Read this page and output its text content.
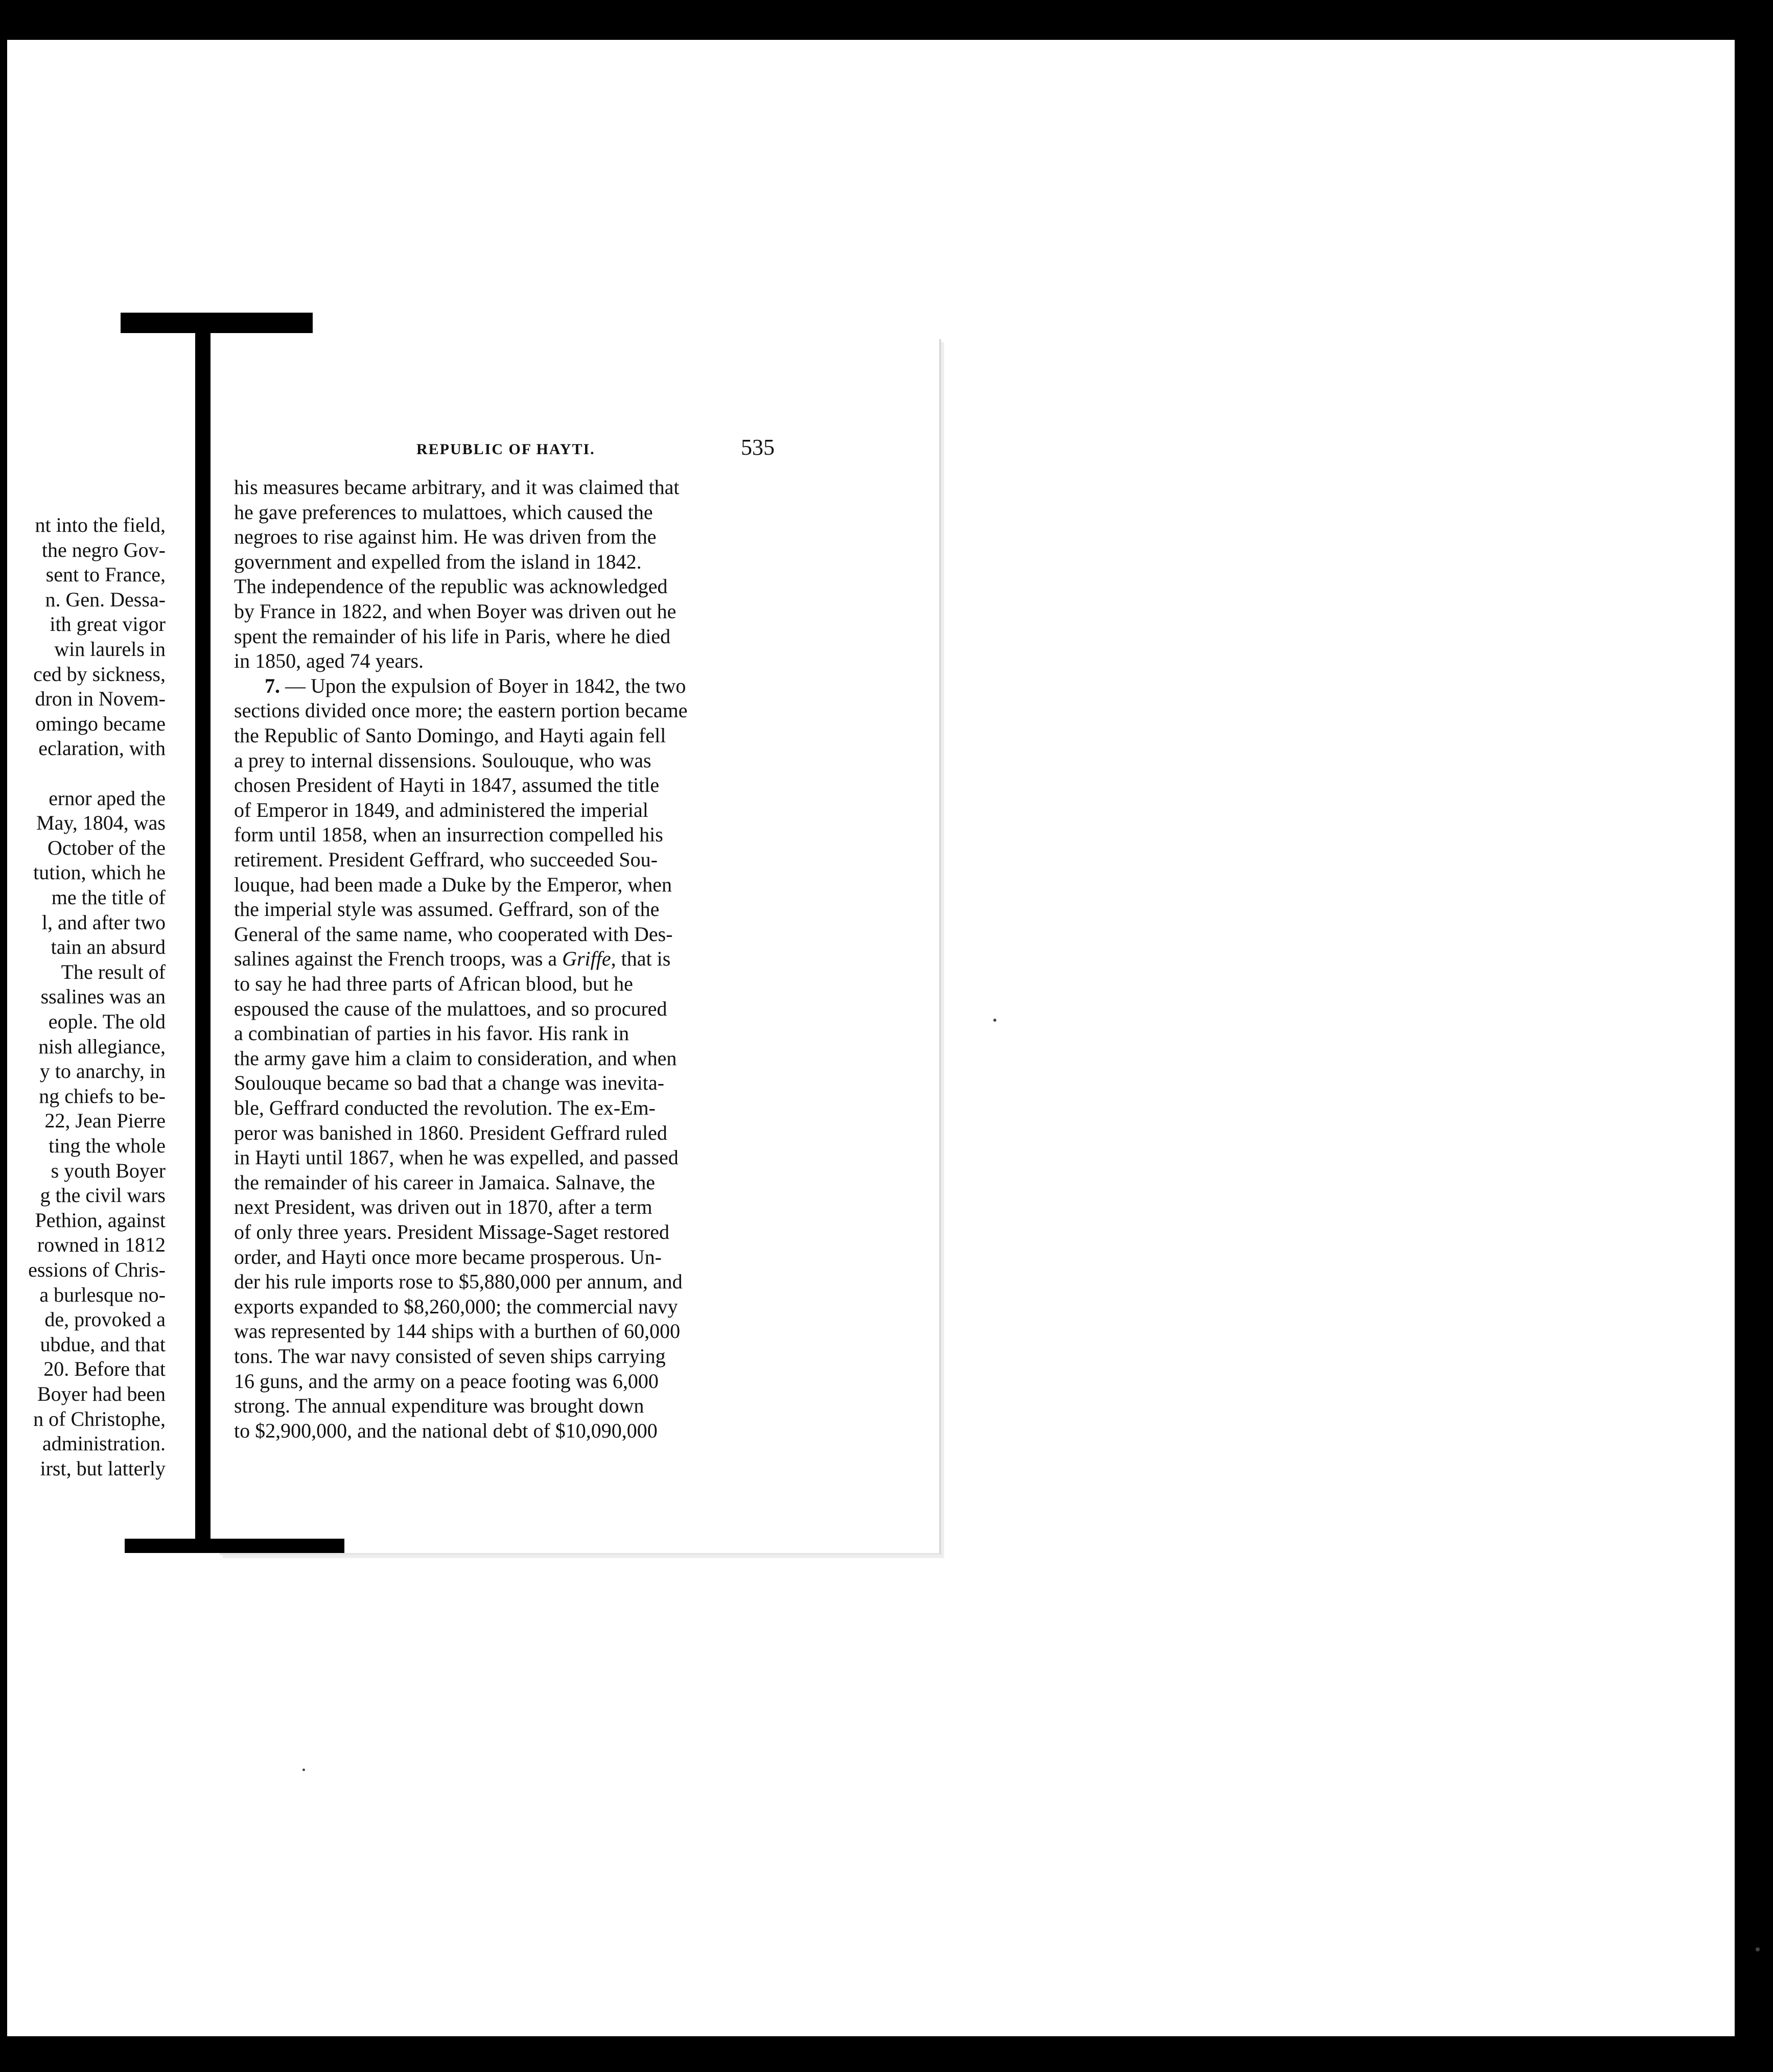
nt into the field,
the negro Gov-
sent to France,
n. Gen. Dessa-
ith great vigor
win laurels in
ced by sickness,
dron in Novem-
omingo became
eclaration, with
ernor aped the
May, 1804, was
October of the
tution, which he
me the title of
l, and after two
tain an absurd
The result of
ssalines was an
eople. The old
nish allegiance,
y to anarchy, in
ng chiefs to be-
22, Jean Pierre
ting the whole
s youth Boyer
g the civil wars
Pethion, against
rowned in 1812
essions of Chris-
a burlesque no-
de, provoked a
ubdue, and that
20. Before that
Boyer had been
n of Christophe,
administration.
irst, but latterly
REPUBLIC OF HAYTI.	535
his measures became arbitrary, and it was claimed that
he gave preferences to mulattoes, which caused the
negroes to rise against him. He was driven from the
government and expelled from the island in 1842.
The independence of the republic was acknowledged
by France in 1822, and when Boyer was driven out he
spent the remainder of his life in Paris, where he died
in 1850, aged 74 years.
7. — Upon the expulsion of Boyer in 1842, the two
sections divided once more; the eastern portion became
the Republic of Santo Domingo, and Hayti again fell
a prey to internal dissensions. Soulouque, who was
chosen President of Hayti in 1847, assumed the title
of Emperor in 1849, and administered the imperial
form until 1858, when an insurrection compelled his
retirement. President Geffrard, who succeeded Sou-
louque, had been made a Duke by the Emperor, when
the imperial style was assumed. Geffrard, son of the
General of the same name, who cooperated with Des-
salines against the French troops, was a Griffe, that is
to say he had three parts of African blood, but he
espoused the cause of the mulattoes, and so procured
a combinatian of parties in his favor. His rank in
the army gave him a claim to consideration, and when
Soulouque became so bad that a change was inevita-
ble, Geffrard conducted the revolution. The ex-Em-
peror was banished in 1860. President Geffrard ruled
in Hayti until 1867, when he was expelled, and passed
the remainder of his career in Jamaica. Salnave, the
next President, was driven out in 1870, after a term
of only three years. President Missage-Saget restored
order, and Hayti once more became prosperous. Un-
der his rule imports rose to $5,880,000 per annum, and
exports expanded to $8,260,000; the commercial navy
was represented by 144 ships with a burthen of 60,000
tons. The war navy consisted of seven ships carrying
16 guns, and the army on a peace footing was 6,000
strong. The annual expenditure was brought down
to $2,900,000, and the national debt of $10,090,000
